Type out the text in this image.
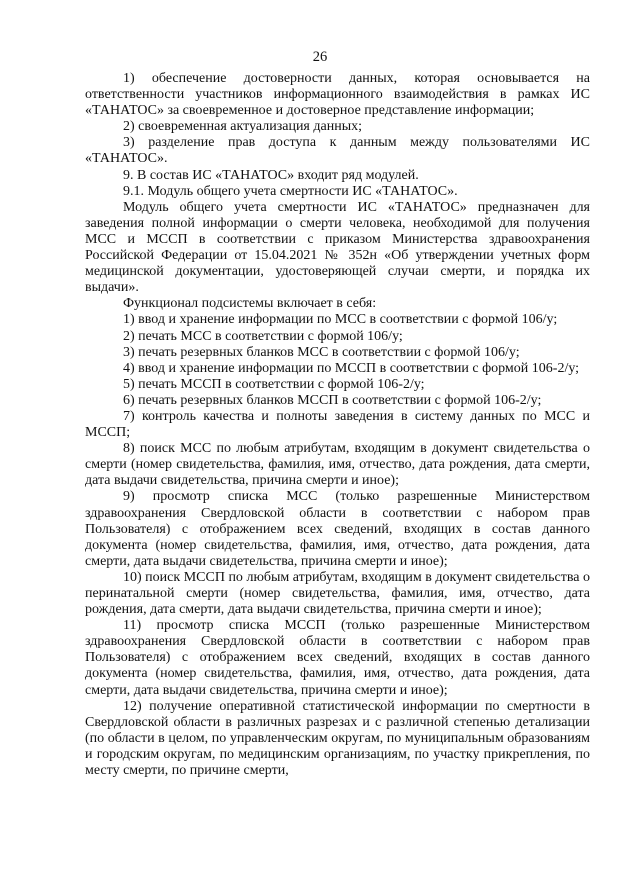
26

1) обеспечение достоверности данных, которая основывается на ответственности участников информационного взаимодействия в рамках ИС «ТАНАТОС» за своевременное и достоверное представление информации;

2) своевременная актуализация данных;

3) разделение прав доступа к данным между пользователями ИС «ТАНАТОС».

9. В состав ИС «ТАНАТОС» входит ряд модулей.

9.1. Модуль общего учета смертности ИС «ТАНАТОС».

Модуль общего учета смертности ИС «ТАНАТОС» предназначен для заведения полной информации о смерти человека, необходимой для получения МСС и МССП в соответствии с приказом Министерства здравоохранения Российской Федерации от 15.04.2021 № 352н «Об утверждении учетных форм медицинской документации, удостоверяющей случаи смерти, и порядка их выдачи».

Функционал подсистемы включает в себя:

1) ввод и хранение информации по МСС в соответствии с формой 106/у;

2) печать МСС в соответствии с формой 106/у;

3) печать резервных бланков МСС в соответствии с формой 106/у;

4) ввод и хранение информации по МССП в соответствии с формой 106-2/у;

5) печать МССП в соответствии с формой 106-2/у;

6) печать резервных бланков МССП в соответствии с формой 106-2/у;

7) контроль качества и полноты заведения в систему данных по МСС и МССП;

8) поиск МСС по любым атрибутам, входящим в документ свидетельства о смерти (номер свидетельства, фамилия, имя, отчество, дата рождения, дата смерти, дата выдачи свидетельства, причина смерти и иное);

9) просмотр списка МСС (только разрешенные Министерством здравоохранения Свердловской области в соответствии с набором прав Пользователя) с отображением всех сведений, входящих в состав данного документа (номер свидетельства, фамилия, имя, отчество, дата рождения, дата смерти, дата выдачи свидетельства, причина смерти и иное);

10) поиск МССП по любым атрибутам, входящим в документ свидетельства о перинатальной смерти (номер свидетельства, фамилия, имя, отчество, дата рождения, дата смерти, дата выдачи свидетельства, причина смерти и иное);

11) просмотр списка МССП (только разрешенные Министерством здравоохранения Свердловской области в соответствии с набором прав Пользователя) с отображением всех сведений, входящих в состав данного документа (номер свидетельства, фамилия, имя, отчество, дата рождения, дата смерти, дата выдачи свидетельства, причина смерти и иное);

12) получение оперативной статистической информации по смертности в Свердловской области в различных разрезах и с различной степенью детализации (по области в целом, по управленческим округам, по муниципальным образованиям и городским округам, по медицинским организациям, по участку прикрепления, по месту смерти, по причине смерти,
